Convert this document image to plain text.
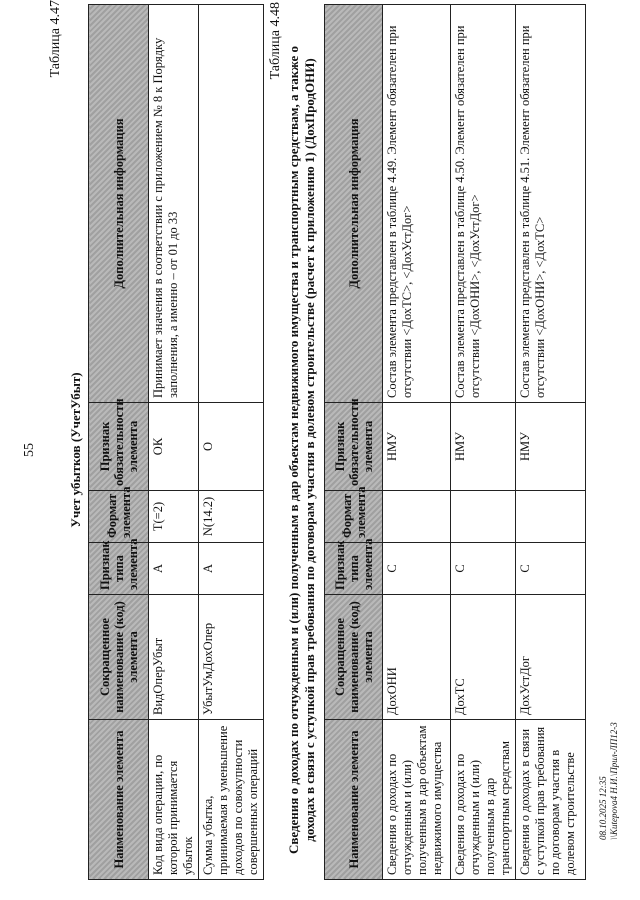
55
Таблица 4.47
Учет убытков (УчетУбыт)
Наименование элемента	Сокращенное наименование (код) элемента	Признак типа элемента	Формат элемента	Признак обязательности элемента	Дополнительная информация
Код вида операции, по которой принимается убыток	ВидОперУбыт	А	Т(=2)	ОК	Принимает значения в соответствии с приложением № 8 к Порядку заполнения, а именно – от 01 до 33
Сумма убытка, принимаемая в уменьшение доходов по совокупности совершенных операций	УбытУмДохОпер	А	N(14.2)	О	
Таблица 4.48
Сведения о доходах по отчужденным и (или) полученным в дар объектам недвижимого имущества и транспортным средствам, а также о доходах в связи с уступкой прав требования по договорам участия в долевом строительстве (расчет к приложению 1) (ДохПродОНИ) Наименование элемента	Сокращенное наименование (код) элемента	Признак типа элемента	Формат элемента	Признак обязательности элемента	Дополнительная информация
Сведения о доходах по отчужденным и (или) полученным в дар объектам недвижимого имущества	ДохОНИ	С		НМУ	Состав элемента представлен в таблице 4.49. Элемент обязателен при отсутствии <ДохТС>, <ДохУстДог>
Сведения о доходах по отчужденным и (или) полученным в дар транспортным средствам	ДохТС	С		НМУ	Состав элемента представлен в таблице 4.50. Элемент обязателен при отсутствии <ДохОНИ>, <ДохУстДог>
Сведения о доходах в связи с уступкой прав требования по договорам участия в долевом строительстве	ДохУстДог	С		НМУ	Состав элемента представлен в таблице 4.51. Элемент обязателен при отсутствии <ДохОНИ>, <ДохТС>
08.10.2025 12:35 \\Kutepova4 Н.И.\Прил-ЛП12-3
